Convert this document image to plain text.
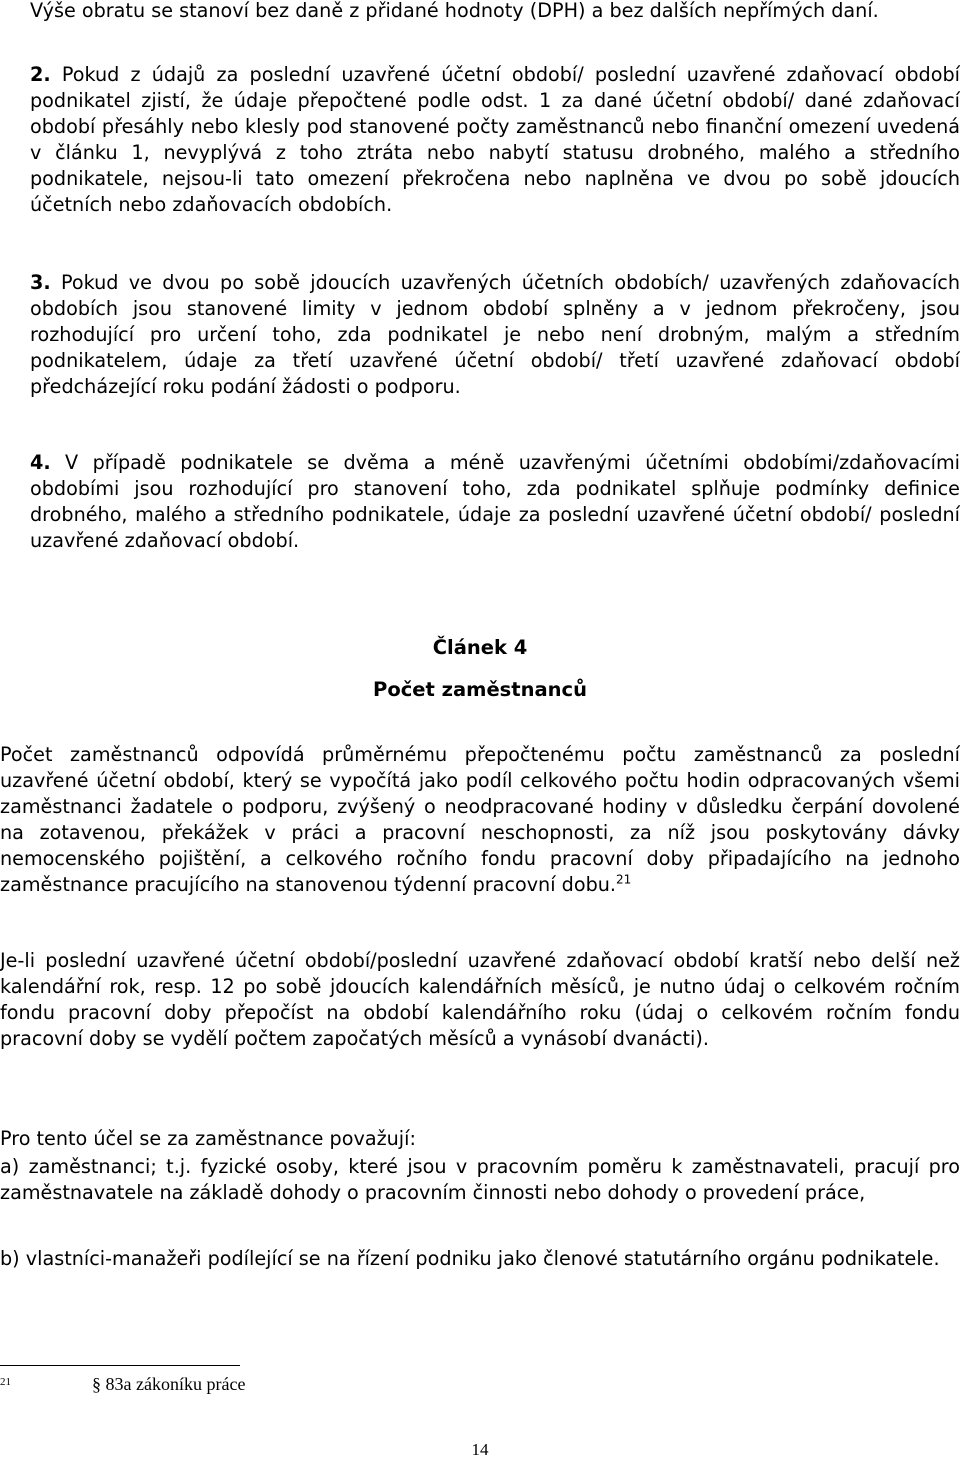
Výše obratu se stanoví bez daně z přidané hodnoty (DPH) a bez dalších nepřímých daní.

2. Pokud z údajů za poslední uzavřené účetní období/ poslední uzavřené zdaňovací období podnikatel zjistí, že údaje přepočtené podle odst. 1 za dané účetní období/ dané zdaňovací období přesáhly nebo klesly pod stanovené počty zaměstnanců nebo finanční omezení uvedená v článku 1, nevyplývá z toho ztráta nebo nabytí statusu drobného, malého a středního podnikatele, nejsou-li tato omezení překročena nebo naplněna ve dvou po sobě jdoucích účetních nebo zdaňovacích obdobích.

3. Pokud ve dvou po sobě jdoucích uzavřených účetních obdobích/ uzavřených zdaňovacích obdobích jsou stanovené limity v jednom období splněny a v jednom překročeny, jsou rozhodující pro určení toho, zda podnikatel je nebo není drobným, malým a středním podnikatelem, údaje za třetí uzavřené účetní období/ třetí uzavřené zdaňovací období předcházející roku podání žádosti o podporu.

4. V případě podnikatele se dvěma a méně uzavřenými účetními obdobími/zdaňovacími obdobími jsou rozhodující pro stanovení toho, zda podnikatel splňuje podmínky definice drobného, malého a středního podnikatele, údaje za poslední uzavřené účetní období/ poslední uzavřené zdaňovací období.

Článek 4

Počet zaměstnanců

Počet zaměstnanců odpovídá průměrnému přepočtenému počtu zaměstnanců za poslední uzavřené účetní období, který se vypočítá jako podíl celkového počtu hodin odpracovaných všemi zaměstnanci žadatele o podporu, zvýšený o neodpracované hodiny v důsledku čerpání dovolené na zotavenou, překážek v práci a pracovní neschopnosti, za níž jsou poskytovány dávky nemocenského pojištění, a celkového ročního fondu pracovní doby připadajícího na jednoho zaměstnance pracujícího na stanovenou týdenní pracovní dobu.$^{21}$

Je-li poslední uzavřené účetní období/poslední uzavřené zdaňovací období kratší nebo delší než kalendářní rok, resp. 12 po sobě jdoucích kalendářních měsíců, je nutno údaj o celkovém ročním fondu pracovní doby přepočíst na období kalendářního roku (údaj o celkovém ročním fondu pracovní doby se vydělí počtem započatých měsíců a vynásobí dvanácti).

Pro tento účel se za zaměstnance považují:

a) zaměstnanci; t.j. fyzické osoby, které jsou v pracovním poměru k zaměstnavateli, pracují pro zaměstnavatele na základě dohody o pracovním činnosti nebo dohody o provedení práce,

b) vlastníci-manažeři podílející se na řízení podniku jako členové statutárního orgánu podnikatele.

21	§ 83a zákoníku práce
14
